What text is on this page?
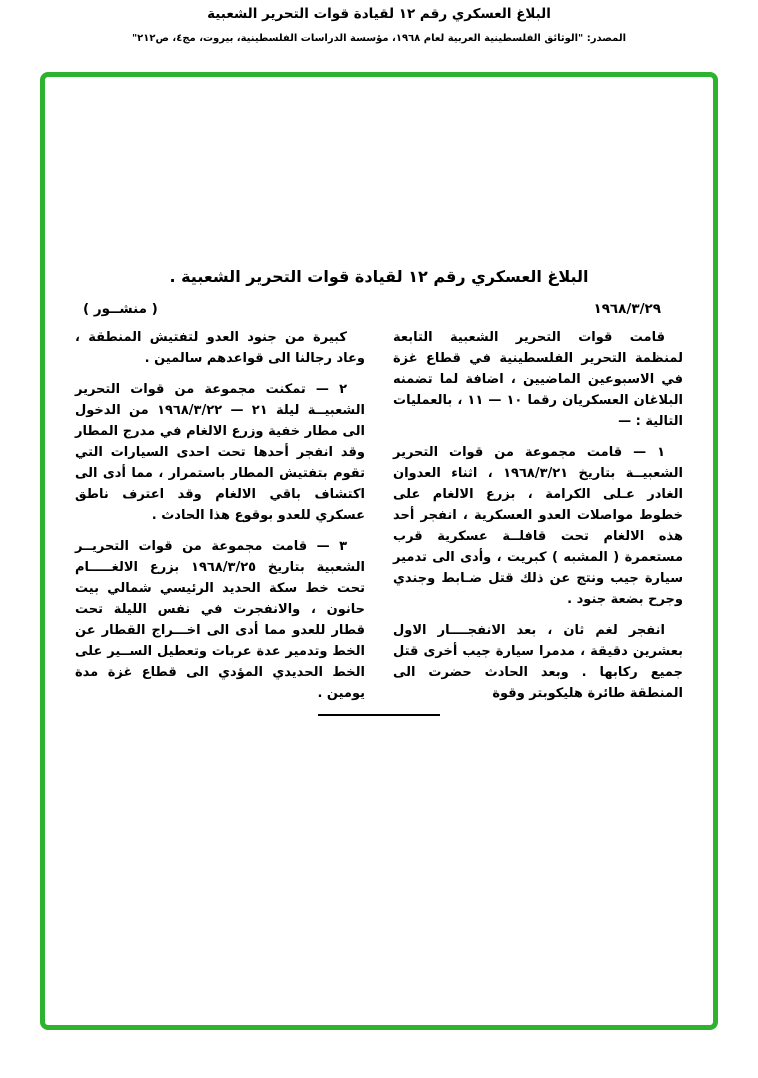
البلاغ العسكري رقم ١٢ لقيادة قوات التحرير الشعبية
المصدر: "الوثائق الفلسطينية العربية لعام ١٩٦٨، مؤسسة الدراسات الفلسطينية، بيروت، مج٤، ص٢١٢"
البلاغ العسكري رقم ١٢ لقيادة قوات التحرير الشعبية .
( منشــور )	١٩٦٨/٣/٢٩

قامت قوات التحرير الشعبية التابعة لمنظمة التحرير الفلسطينية في قطاع غزة في الاسبوعين الماضيين ، اضافة لما تضمنه البلاغان العسكريان رقما ١٠ — ١١ ، بالعمليات التالية : —

١ — قامت مجموعة من قوات التحرير الشعبيــة بتاريخ ١٩٦٨/٣/٢١ ، اثناء العدوان الغادر عـلى الكرامة ، بزرع الالغام على خطوط مواصلات العدو العسكرية ، انفجر أحد هذه الالغام تحت قافلــة عسكرية قرب مستعمرة ( المشبه ) كبريت ، وأدى الى تدمير سيارة جيب ونتج عن ذلك قتل ضـابط وجندي وجرح بضعة جنود .

انفجر لغم ثان ، بعد الانفجــــار الاول بعشرين دقيقة ، مدمرا سيارة جيب أخرى قتل جميع ركابها . وبعد الحادث حضرت الى المنطقة طائرة هليكوبتر وقوة

كبيرة من جنود العدو لتفتيش المنطقة ، وعاد رجالنا الى قواعدهم سالمين .

٢ — تمكنت مجموعة من قوات التحرير الشعبيــة ليلة ٢١ — ١٩٦٨/٣/٢٢ من الدخول الى مطار خفية وزرع الالغام في مدرج المطار وقد انفجر أحدها تحت احدى السيارات التي تقوم بتفتيش المطار باستمرار ، مما أدى الى اكتشاف باقي الالغام وقد اعترف ناطق عسكري للعدو بوقوع هذا الحادث .

٣ — قامت مجموعة من قوات التحريــر الشعبية بتاريخ ١٩٦٨/٣/٢٥ بزرع الالغـــــام تحت خط سكة الحديد الرئيسي شمالي بيت حانون ، والانفجرت في نفس الليلة تحت قطار للعدو مما أدى الى اخـــراج القطار عن الخط وتدمير عدة عربات وتعطيل الســير على الخط الحديدي المؤدي الى قطاع غزة مدة يومين .
